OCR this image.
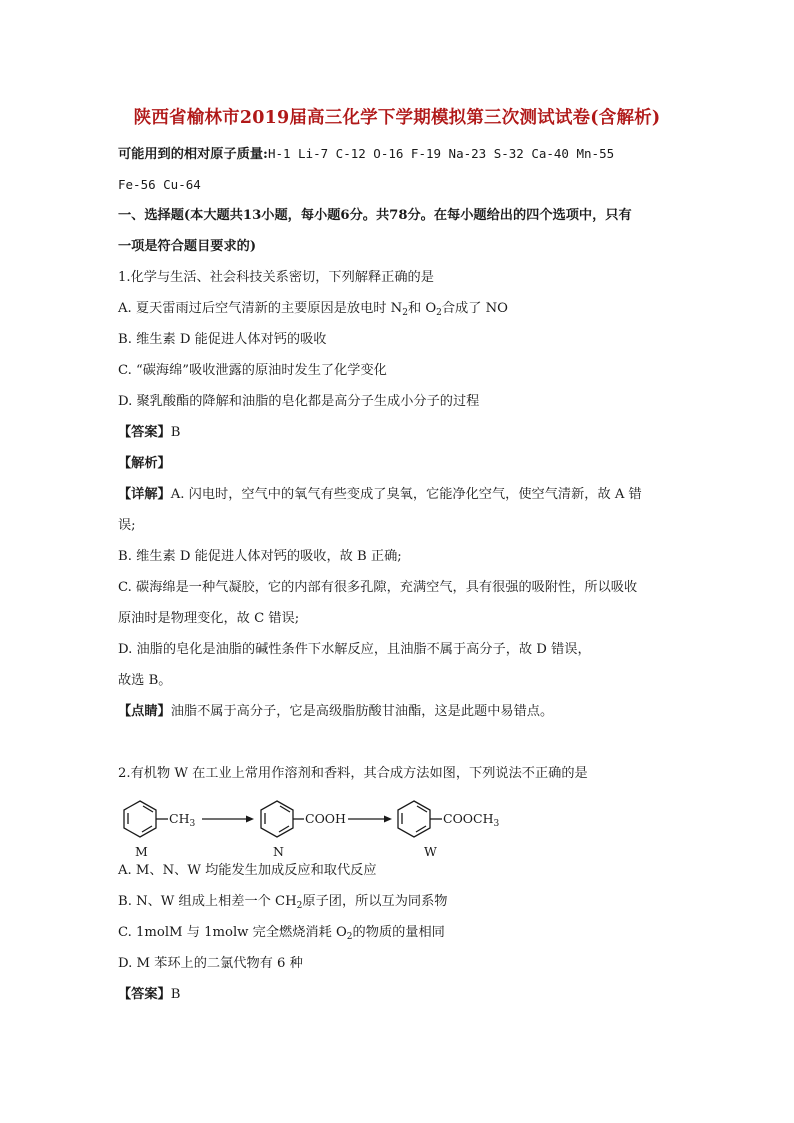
陕西省榆林市2019届高三化学下学期模拟第三次测试试卷(含解析)
可能用到的相对原子质量:H-1 Li-7 C-12 O-16 F-19 Na-23 S-32 Ca-40 Mn-55
Fe-56 Cu-64
一、选择题(本大题共13小题，每小题6分。共78分。在每小题给出的四个选项中，只有
一项是符合题目要求的)
1.化学与生活、社会科技关系密切，下列解释正确的是
A. 夏天雷雨过后空气清新的主要原因是放电时 $N_2$和 $O_2$合成了 NO
B. 维生素 D 能促进人体对钙的吸收
C. “碳海绵”吸收泄露的原油时发生了化学变化
D. 聚乳酸酯的降解和油脂的皂化都是高分子生成小分子的过程
【答案】B
【解析】
【详解】A. 闪电时，空气中的氧气有些变成了臭氧，它能净化空气，使空气清新，故 A 错
误;
B. 维生素 D 能促进人体对钙的吸收，故 B 正确;
C. 碳海绵是一种气凝胶，它的内部有很多孔隙，充满空气，具有很强的吸附性，所以吸收
原油时是物理变化，故 C 错误;
D. 油脂的皂化是油脂的碱性条件下水解反应，且油脂不属于高分子，故 D 错误，
故选 B。
【点睛】油脂不属于高分子，它是高级脂肪酸甘油酯，这是此题中易错点。
2.有机物 W 在工业上常用作溶剂和香料，其合成方法如图，下列说法不正确的是
$CH_3$
M
COOH
N
$COOCH_3$
W
A. M、N、W 均能发生加成反应和取代反应
B. N、W 组成上相差一个 $CH_2$原子团，所以互为同系物
C. 1molM 与 1molw 完全燃烧消耗 $O_2$的物质的量相同
D. M 苯环上的二氯代物有 6 种
【答案】B
